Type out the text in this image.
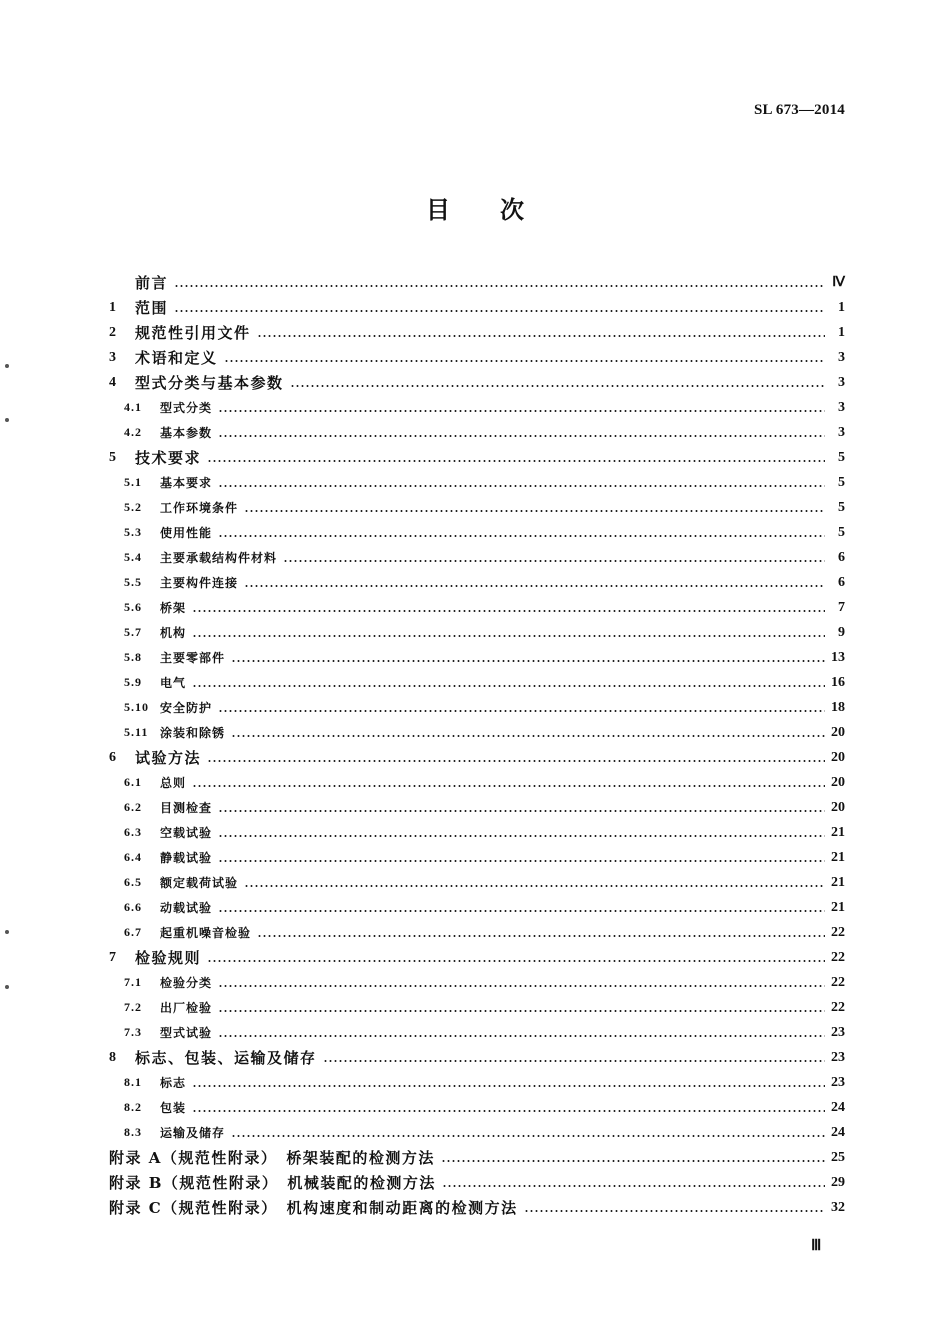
SL 673—2014
目次
前言	Ⅳ
1	范围	1
2	规范性引用文件	1
3	术语和定义	3
4	型式分类与基本参数	3
4.1	型式分类	3
4.2	基本参数	3
5	技术要求	5
5.1	基本要求	5
5.2	工作环境条件	5
5.3	使用性能	5
5.4	主要承载结构件材料	6
5.5	主要构件连接	6
5.6	桥架	7
5.7	机构	9
5.8	主要零部件	13
5.9	电气	16
5.10 安全防护	18
5.11 涂装和除锈	20
6	试验方法	20
6.1	总则	20
6.2	目测检查	20
6.3	空载试验	21
6.4	静载试验	21
6.5	额定载荷试验	21
6.6	动载试验	21
6.7	起重机噪音检验	22
7	检验规则	22
7.1	检验分类	22
7.2	出厂检验	22
7.3	型式试验	23
8	标志、包装、运输及储存	23
8.1	标志	23
8.2	包装	24
8.3	运输及储存	24
附录 A（规范性附录）　桥架装配的检测方法	25
附录 B（规范性附录）　机械装配的检测方法	29
附录 C（规范性附录）　机构速度和制动距离的检测方法	32
Ⅲ
